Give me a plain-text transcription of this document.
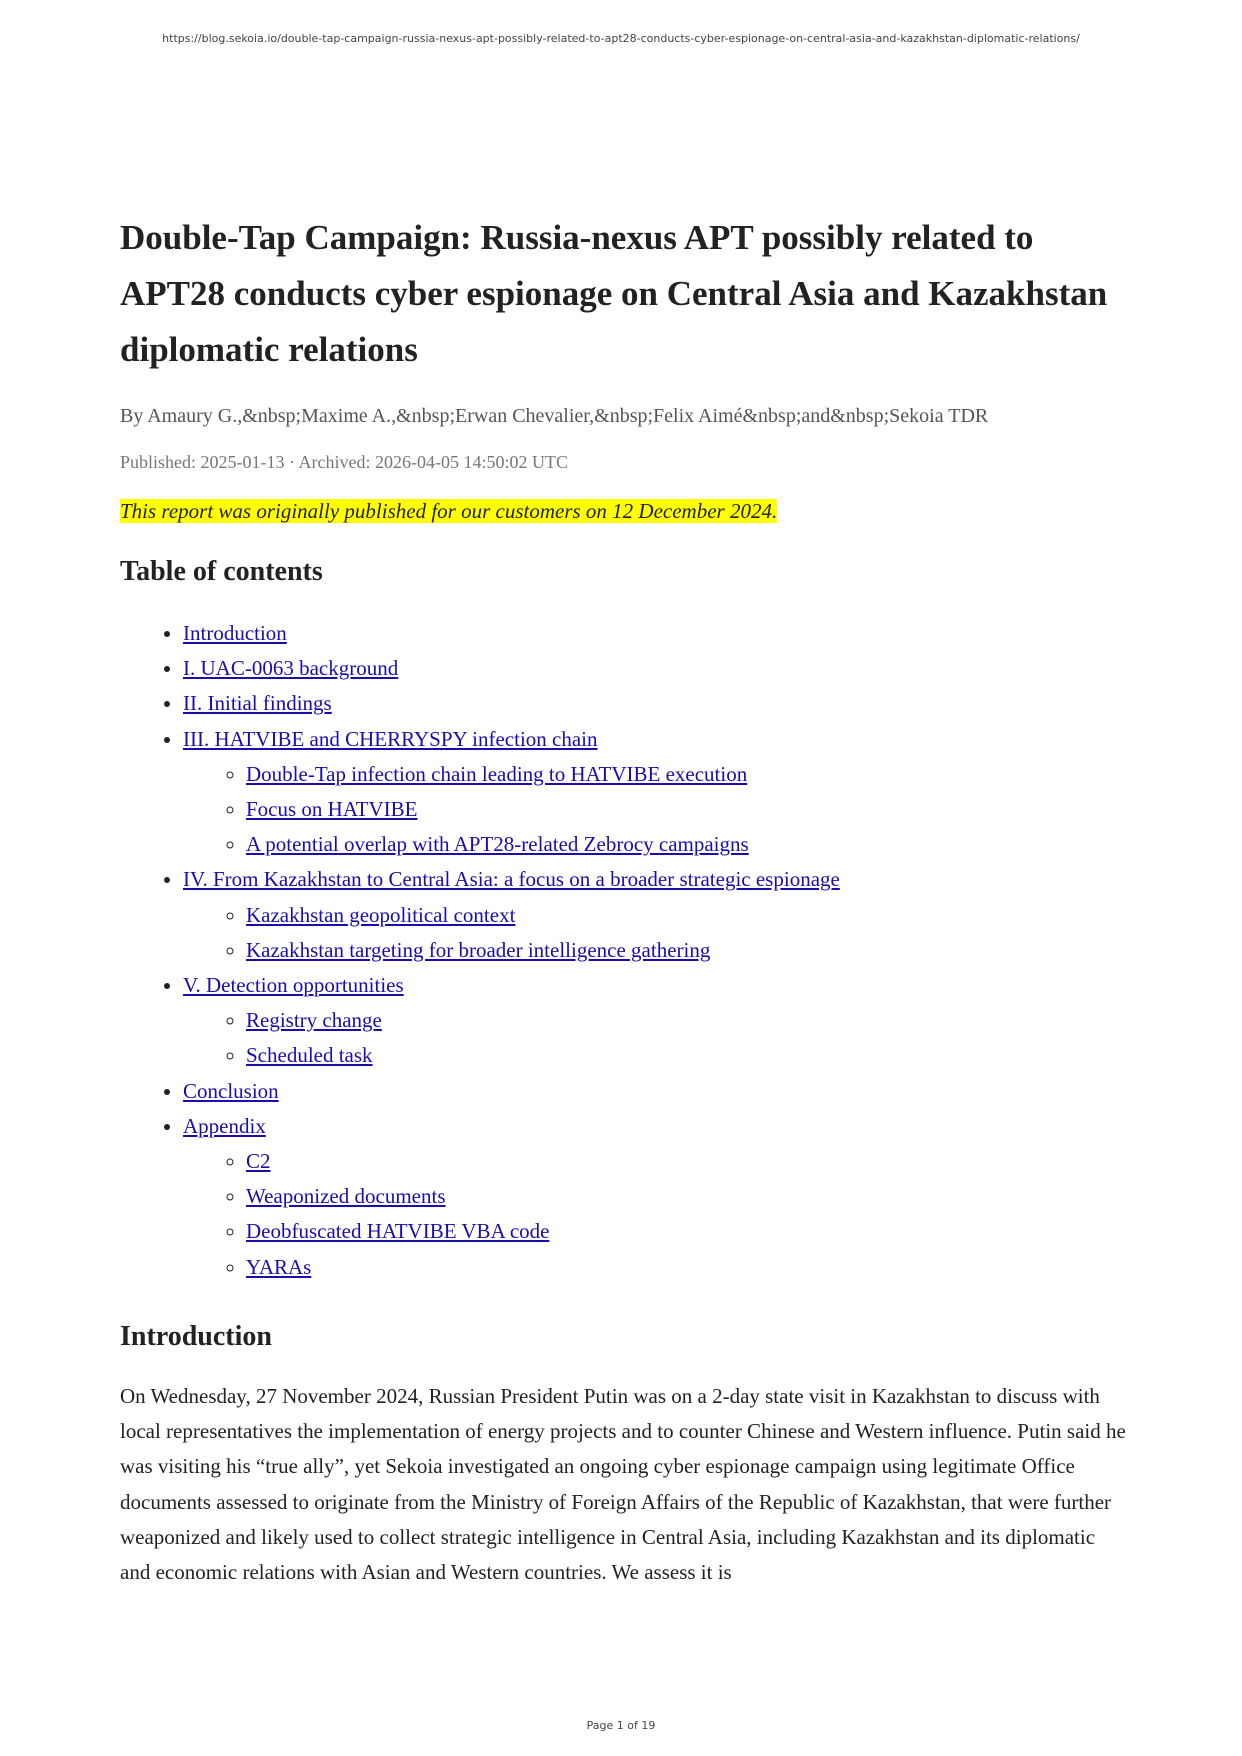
https://blog.sekoia.io/double-tap-campaign-russia-nexus-apt-possibly-related-to-apt28-conducts-cyber-espionage-on-central-asia-and-kazakhstan-diplomatic-relations/
Double-Tap Campaign: Russia-nexus APT possibly related to APT28 conducts cyber espionage on Central Asia and Kazakhstan diplomatic relations
By Amaury G.,&nbsp;Maxime A.,&nbsp;Erwan Chevalier,&nbsp;Felix Aimé&nbsp;and&nbsp;Sekoia TDR
Published: 2025-01-13 · Archived: 2026-04-05 14:50:02 UTC
This report was originally published for our customers on 12 December 2024.
Table of contents
• Introduction
• I. UAC-0063 background
• II. Initial findings
• III. HATVIBE and CHERRYSPY infection chain
◦ Double-Tap infection chain leading to HATVIBE execution
◦ Focus on HATVIBE
◦ A potential overlap with APT28-related Zebrocy campaigns
• IV. From Kazakhstan to Central Asia: a focus on a broader strategic espionage
◦ Kazakhstan geopolitical context
◦ Kazakhstan targeting for broader intelligence gathering
• V. Detection opportunities
◦ Registry change
◦ Scheduled task
• Conclusion
• Appendix
◦ C2
◦ Weaponized documents
◦ Deobfuscated HATVIBE VBA code
◦ YARAs
Introduction

On Wednesday, 27 November 2024, Russian President Putin was on a 2-day state visit in Kazakhstan to discuss with local representatives the implementation of energy projects and to counter Chinese and Western influence. Putin said he was visiting his “true ally”, yet Sekoia investigated an ongoing cyber espionage campaign using legitimate Office documents assessed to originate from the Ministry of Foreign Affairs of the Republic of Kazakhstan, that were further weaponized and likely used to collect strategic intelligence in Central Asia, including Kazakhstan and its diplomatic and economic relations with Asian and Western countries. We assess it is

Page 1 of 19
